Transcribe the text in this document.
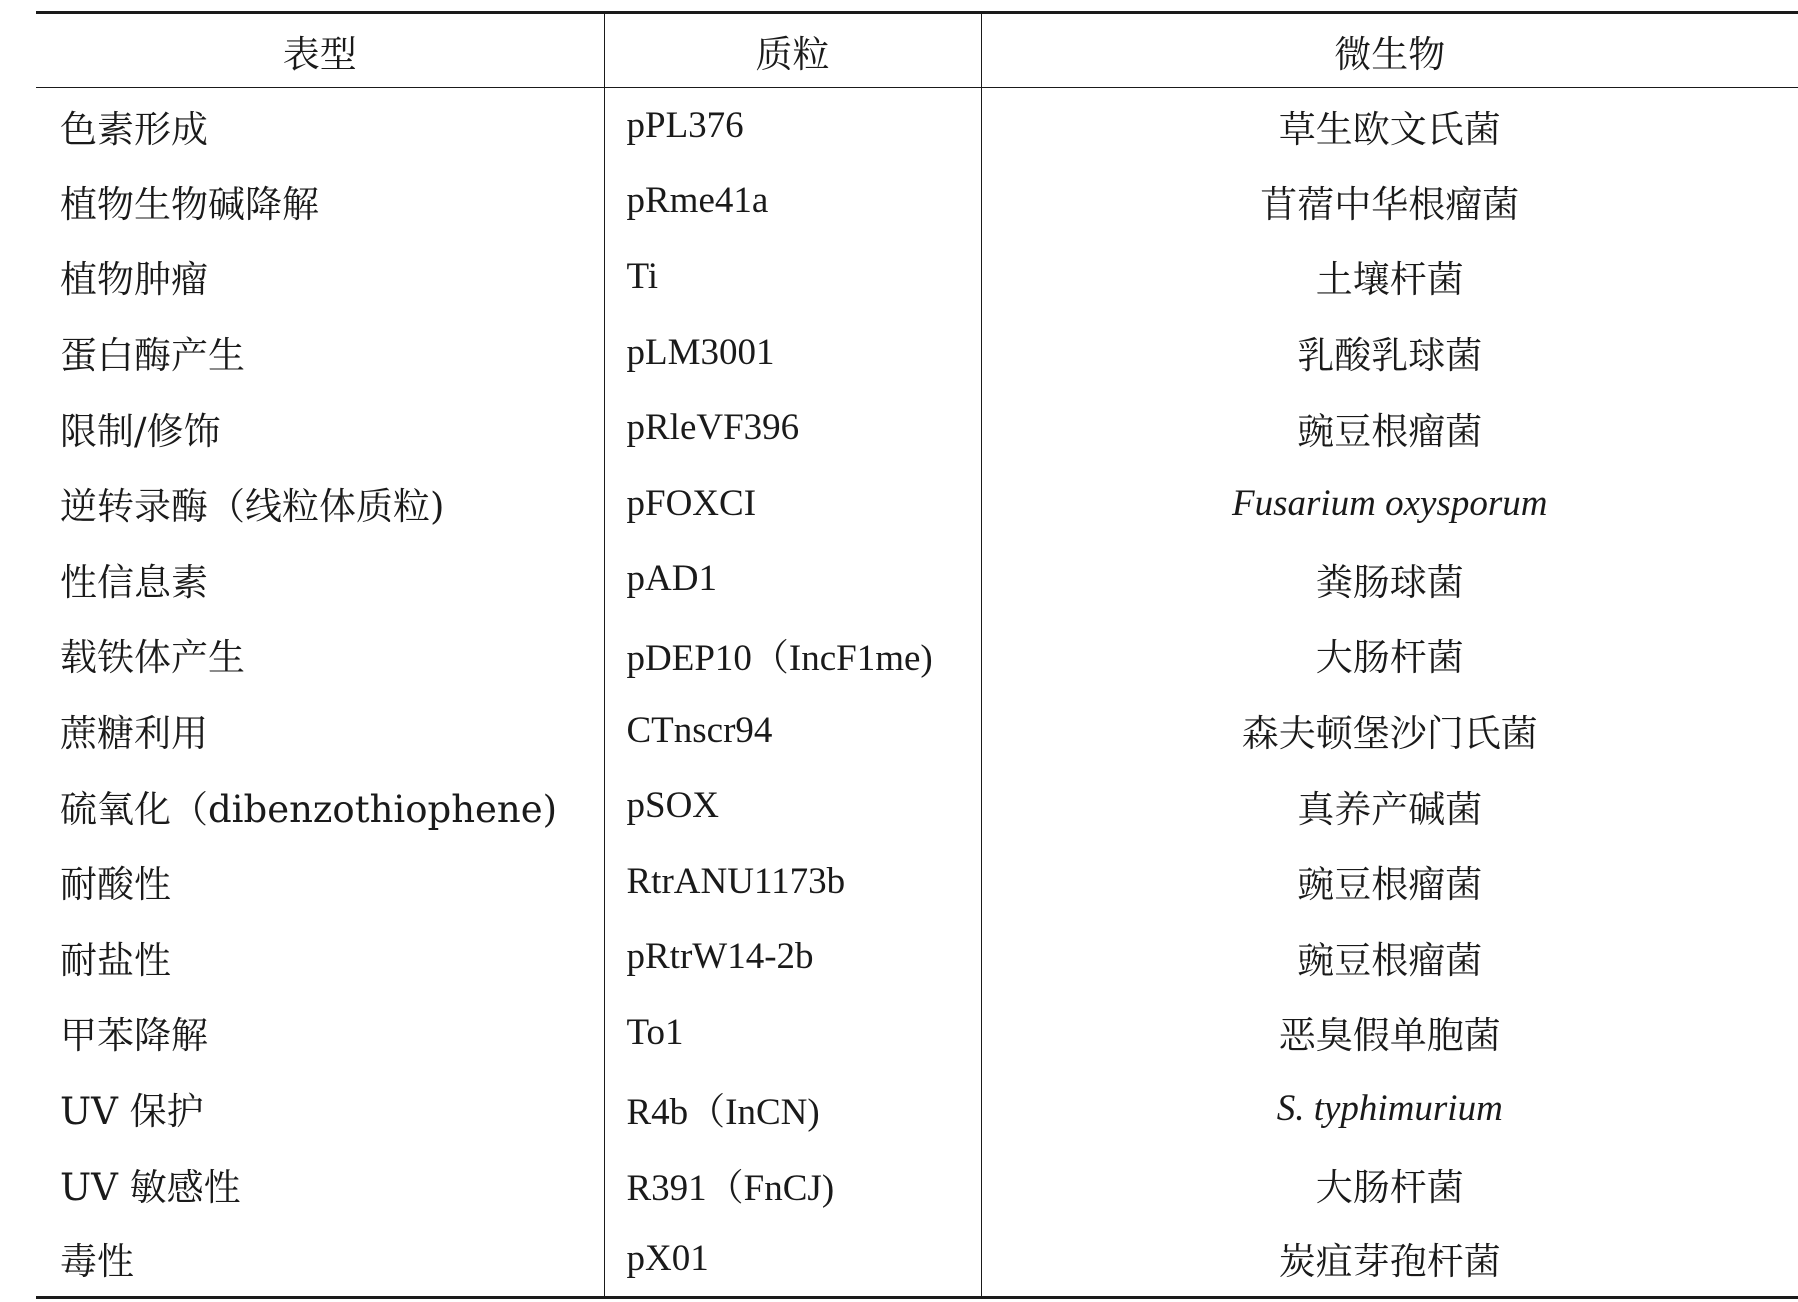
表型	质粒	微生物
色素形成	pPL376	草生欧文氏菌
植物生物碱降解	pRme41a	苜蓿中华根瘤菌
植物肿瘤	Ti	土壤杆菌
蛋白酶产生	pLM3001	乳酸乳球菌
限制/修饰	pRleVF396	豌豆根瘤菌
逆转录酶（线粒体质粒)	pFOXCI	Fusarium oxysporum
性信息素	pAD1	粪肠球菌
载铁体产生	pDEP10（IncF1me)	大肠杆菌
蔗糖利用	CTnscr94	森夫顿堡沙门氏菌
硫氧化（dibenzothiophene)	pSOX	真养产碱菌
耐酸性	RtrANU1173b	豌豆根瘤菌
耐盐性	pRtrW14-2b	豌豆根瘤菌
甲苯降解	To1	恶臭假单胞菌
UV 保护	R4b（InCN)	S. typhimurium
UV 敏感性	R391（FnCJ)	大肠杆菌
毒性	pX01	炭疽芽孢杆菌
